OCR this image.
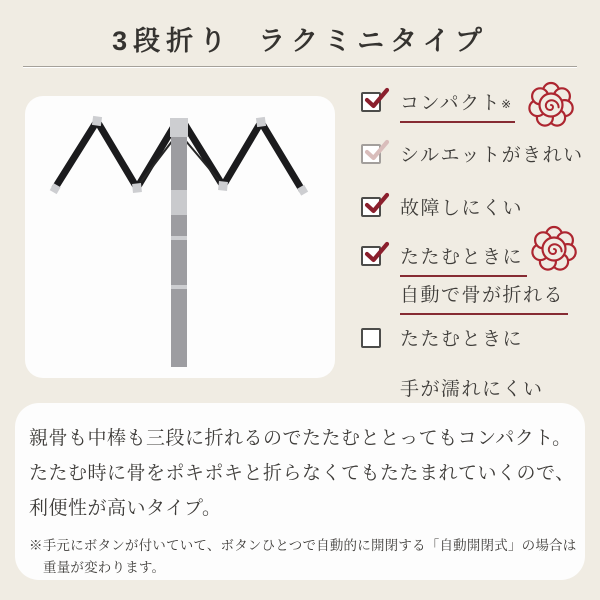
3段折り ラクミニタイプ
コンパクト※
シルエットがきれい
故障しにくい
たたむときに
自動で骨が折れる
たたむときに

手が濡れにくい
親骨も中棒も三段に折れるのでたたむととってもコンパクト。
たたむ時に骨をポキポキと折らなくてもたたまれていくので、
利便性が高いタイプ。
※手元にボタンが付いていて、ボタンひとつで自動的に開閉する「自動開閉式」の場合は
重量が変わります。
